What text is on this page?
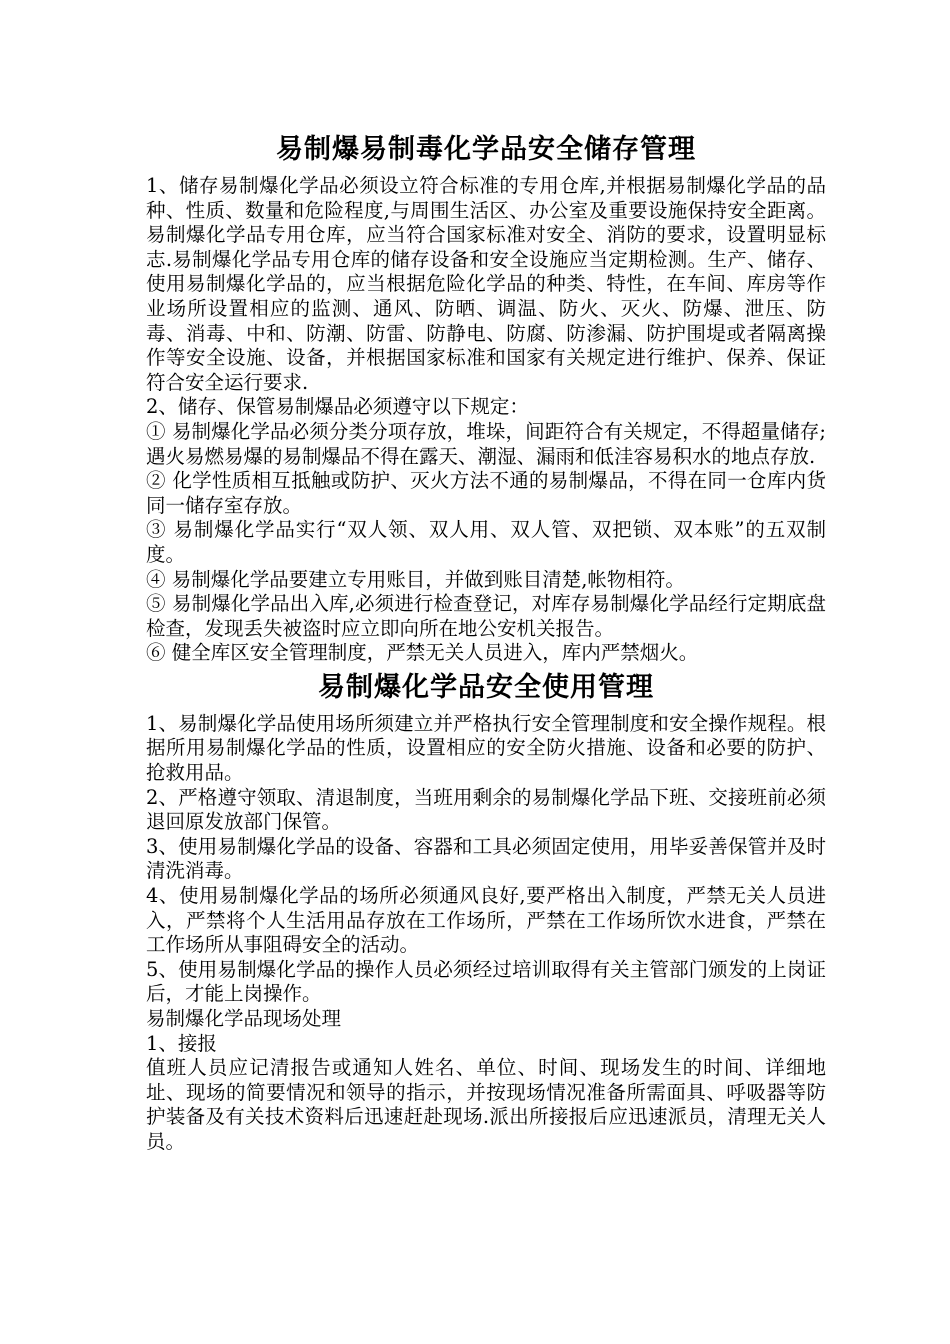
易制爆易制毒化学品安全储存管理

1、储存易制爆化学品必须设立符合标准的专用仓库,并根据易制爆化学品的品种、性质、数量和危险程度,与周围生活区、办公室及重要设施保持安全距离。易制爆化学品专用仓库，应当符合国家标准对安全、消防的要求，设置明显标志.易制爆化学品专用仓库的储存设备和安全设施应当定期检测。生产、储存、使用易制爆化学品的，应当根据危险化学品的种类、特性，在车间、库房等作业场所设置相应的监测、通风、防晒、调温、防火、灭火、防爆、泄压、防毒、消毒、中和、防潮、防雷、防静电、防腐、防渗漏、防护围堤或者隔离操作等安全设施、设备，并根据国家标准和国家有关规定进行维护、保养、保证符合安全运行要求.

2、储存、保管易制爆品必须遵守以下规定：

① 易制爆化学品必须分类分项存放，堆垛，间距符合有关规定，不得超量储存;遇火易燃易爆的易制爆品不得在露天、潮湿、漏雨和低洼容易积水的地点存放.

② 化学性质相互抵触或防护、灭火方法不通的易制爆品，不得在同一仓库内货同一储存室存放。

③ 易制爆化学品实行“双人领、双人用、双人管、双把锁、双本账”的五双制度。

④ 易制爆化学品要建立专用账目，并做到账目清楚,帐物相符。

⑤ 易制爆化学品出入库,必须进行检查登记，对库存易制爆化学品经行定期底盘检查，发现丢失被盗时应立即向所在地公安机关报告。

⑥ 健全库区安全管理制度，严禁无关人员进入，库内严禁烟火。

易制爆化学品安全使用管理

1、易制爆化学品使用场所须建立并严格执行安全管理制度和安全操作规程。根据所用易制爆化学品的性质，设置相应的安全防火措施、设备和必要的防护、抢救用品。

2、严格遵守领取、清退制度，当班用剩余的易制爆化学品下班、交接班前必须退回原发放部门保管。

3、使用易制爆化学品的设备、容器和工具必须固定使用，用毕妥善保管并及时清洗消毒。

4、使用易制爆化学品的场所必须通风良好,要严格出入制度，严禁无关人员进入，严禁将个人生活用品存放在工作场所，严禁在工作场所饮水进食，严禁在工作场所从事阻碍安全的活动。

5、使用易制爆化学品的操作人员必须经过培训取得有关主管部门颁发的上岗证后，才能上岗操作。

易制爆化学品现场处理

1、接报

值班人员应记清报告或通知人姓名、单位、时间、现场发生的时间、详细地址、现场的简要情况和领导的指示，并按现场情况准备所需面具、呼吸器等防护装备及有关技术资料后迅速赶赴现场.派出所接报后应迅速派员，清理无关人员。
